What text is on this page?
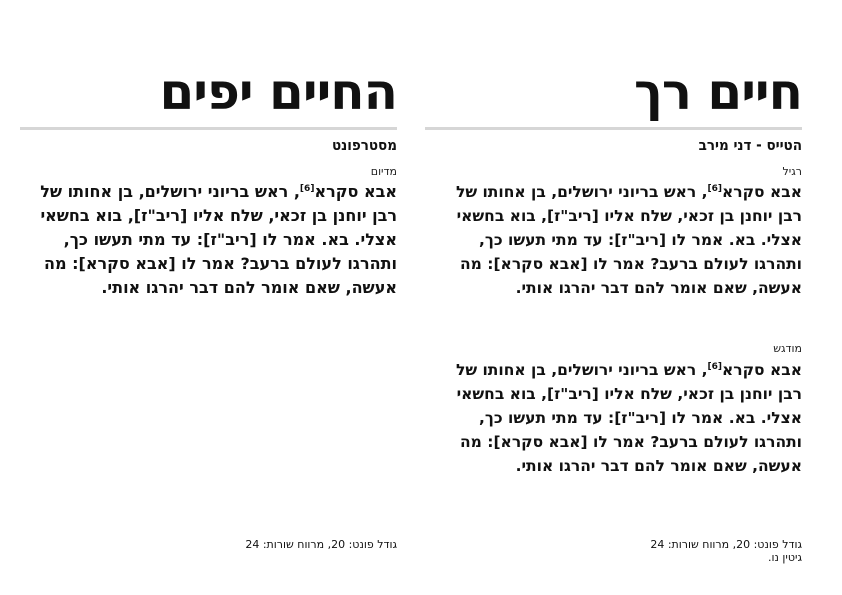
חיים רך
הטייס - דני מירב
רגיל

אבא סקרא[6], ראש בריוני ירושלים, בן אחותו של רבן יוחנן בן זכאי, שלח אליו [ריב"ז], בוא בחשאי אצלי. בא. אמר לו [ריב"ז]: עד מתי תעשו כך, ותהרגו לעולם ברעב? אמר לו [אבא סקרא]: מה אעשה, שאם אומר להם דבר יהרגו אותי.

מודגש

אבא סקרא[6], ראש בריוני ירושלים, בן אחותו של רבן יוחנן בן זכאי, שלח אליו [ריב"ז], בוא בחשאי אצלי. בא. אמר לו [ריב"ז]: עד מתי תעשו כך, ותהרגו לעולם ברעב? אמר לו [אבא סקרא]: מה אעשה, שאם אומר להם דבר יהרגו אותי.

גודל פונט: 20, מרווח שורות: 24
גיטין נו.
החיים יפים
מסטרפונט
מדיום

אבא סקרא[6], ראש בריוני ירושלים, בן אחותו של רבן יוחנן בן זכאי, שלח אליו [ריב"ז], בוא בחשאי אצלי. בא. אמר לו [ריב"ז]: עד מתי תעשו כך, ותהרגו לעולם ברעב? אמר לו [אבא סקרא]: מה אעשה, שאם אומר להם דבר יהרגו אותי.

גודל פונט: 20, מרווח שורות: 24
